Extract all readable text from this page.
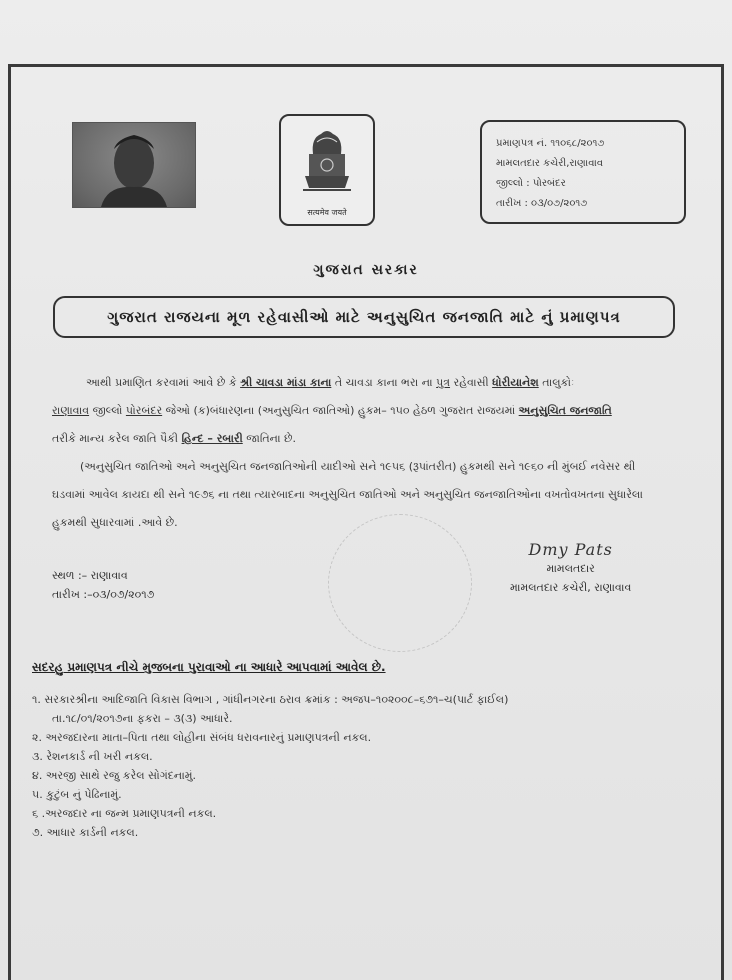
सत्यमेव जयते
પ્રમાણપત્ર નં. ૧૧૦૬૮/૨૦૧૭
મામલતદાર કચેરી,રાણાવાવ
જીલ્લો : પોરબંદર
તારીખ : ૦૩/૦૭/૨૦૧૭
ગુજરાત સરકાર
ગુજરાત રાજયના મૂળ રહેવાસીઓ માટે અનુસુચિત જનજાતિ માટે નું પ્રમાણપત્ર
આથી પ્રમાણિત કરવામાં આવે છે કે શ્રી ચાવડા માંડા કાના તે ચાવડા કાના ભરા ના પુત્ર રહેવાસી ધોરીયાનેશ તાલુકોઃ
રાણાવાવ જીલ્લો પોરબંદર જેઓ (ક)બંધારણના (અનુસુચિત જાતિઓ) હુકમ– ૧૫૦ હેઠળ ગુજરાત રાજયમાં અનુસુચિત જનજાતિ
તરીકે માન્ય કરેલ જાતિ પૈકી હિન્દ – રબારી જાતિના છે.
(અનુસુચિત જાતિઓ અને અનુસુચિત જનજાતિઓની યાદીઓ સને ૧૯૫૬ (રૂપાંતરીત) હુકમથી સને ૧૯૬૦ ની મુંબઈ નવેસર થી
ઘડવામાં આવેલ કાયદા થી સને ૧૯૭૬ ના તથા ત્યારબાદના અનુસુચિત જાતિઓ અને અનુસુચિત જનજાતિઓના વખતોવખતના સુધારેલા
હુકમથી સુધારવામાં .આવે છે.
સ્થળ :– રાણાવાવ
તારીખ :–૦૩/૦૭/૨૦૧૭
Dmy Pats
મામલતદાર
મામલતદાર કચેરી, રાણાવાવ
સદરહુ પ્રમાણપત્ર નીચે મુજબના પુરાવાઓ ના આધારે આપવામાં આવેલ છે.
૧. સરકારશ્રીના આદિજાતિ વિકાસ વિભાગ , ગાંધીનગરના ઠરાવ ક્રમાંક : અજપ–૧૦૨૦૦૮–૬૭૧–ચ(પાર્ટ ફાઈલ)
તા.૧૮/૦૧/૨૦૧૭ના ફકરા – ૩(૩) આધારે.
૨. અરજદારના માતા–પિતા તથા લોહીના સંબંધ ધરાવનારનું પ્રમાણપત્રની નકલ.
૩. રેશનકાર્ડ ની ખરી નકલ.
૪. અરજી સાથે રજુ કરેલ સોગંદનામું.
૫. કુટુંબ નું પેઢિનામું.
૬ .અરજદાર ના જન્મ પ્રમાણપત્રની નકલ.
૭. આધાર કાર્ડની નકલ.
